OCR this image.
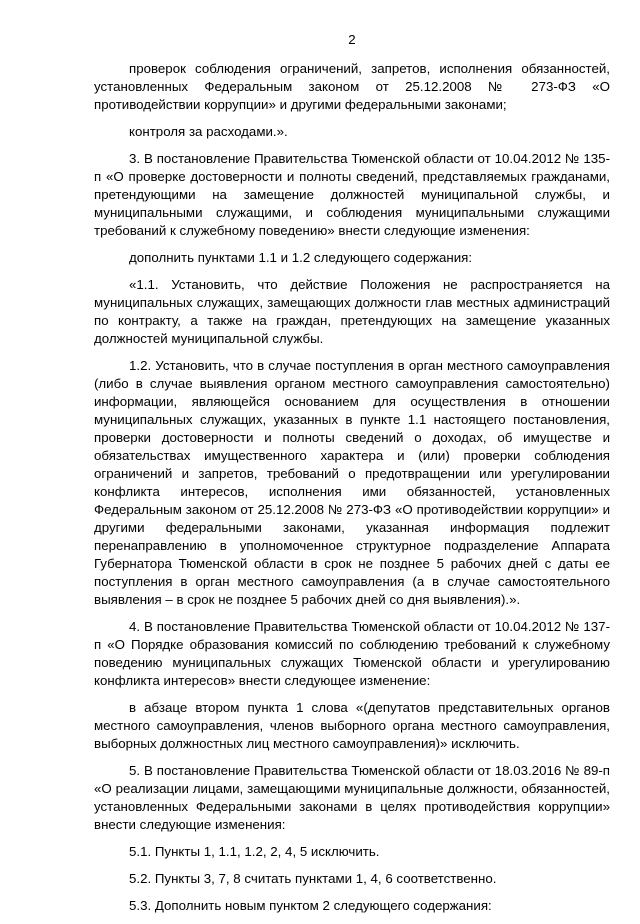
2

проверок соблюдения ограничений, запретов, исполнения обязанностей, установленных Федеральным законом от 25.12.2008 № 273-ФЗ «О противодействии коррупции» и другими федеральными законами;

контроля за расходами.».

3. В постановление Правительства Тюменской области от 10.04.2012 № 135-п «О проверке достоверности и полноты сведений, представляемых гражданами, претендующими на замещение должностей муниципальной службы, и муниципальными служащими, и соблюдения муниципальными служащими требований к служебному поведению» внести следующие изменения:

дополнить пунктами 1.1 и 1.2 следующего содержания:

«1.1. Установить, что действие Положения не распространяется на муниципальных служащих, замещающих должности глав местных администраций по контракту, а также на граждан, претендующих на замещение указанных должностей муниципальной службы.

1.2. Установить, что в случае поступления в орган местного самоуправления (либо в случае выявления органом местного самоуправления самостоятельно) информации, являющейся основанием для осуществления в отношении муниципальных служащих, указанных в пункте 1.1 настоящего постановления, проверки достоверности и полноты сведений о доходах, об имуществе и обязательствах имущественного характера и (или) проверки соблюдения ограничений и запретов, требований о предотвращении или урегулировании конфликта интересов, исполнения ими обязанностей, установленных Федеральным законом от 25.12.2008 № 273-ФЗ «О противодействии коррупции» и другими федеральными законами, указанная информация подлежит перенаправлению в уполномоченное структурное подразделение Аппарата Губернатора Тюменской области в срок не позднее 5 рабочих дней с даты ее поступления в орган местного самоуправления (а в случае самостоятельного выявления – в срок не позднее 5 рабочих дней со дня выявления).».

4. В постановление Правительства Тюменской области от 10.04.2012 № 137-п «О Порядке образования комиссий по соблюдению требований к служебному поведению муниципальных служащих Тюменской области и урегулированию конфликта интересов» внести следующее изменение:

в абзаце втором пункта 1 слова «(депутатов представительных органов местного самоуправления, членов выборного органа местного самоуправления, выборных должностных лиц местного самоуправления)» исключить.

5. В постановление Правительства Тюменской области от 18.03.2016 № 89-п «О реализации лицами, замещающими муниципальные должности, обязанностей, установленных Федеральными законами в целях противодействия коррупции» внести следующие изменения:

5.1. Пункты 1, 1.1, 1.2, 2, 4, 5 исключить.

5.2. Пункты 3, 7, 8 считать пунктами 1, 4, 6 соответственно.

5.3. Дополнить новым пунктом 2 следующего содержания:
